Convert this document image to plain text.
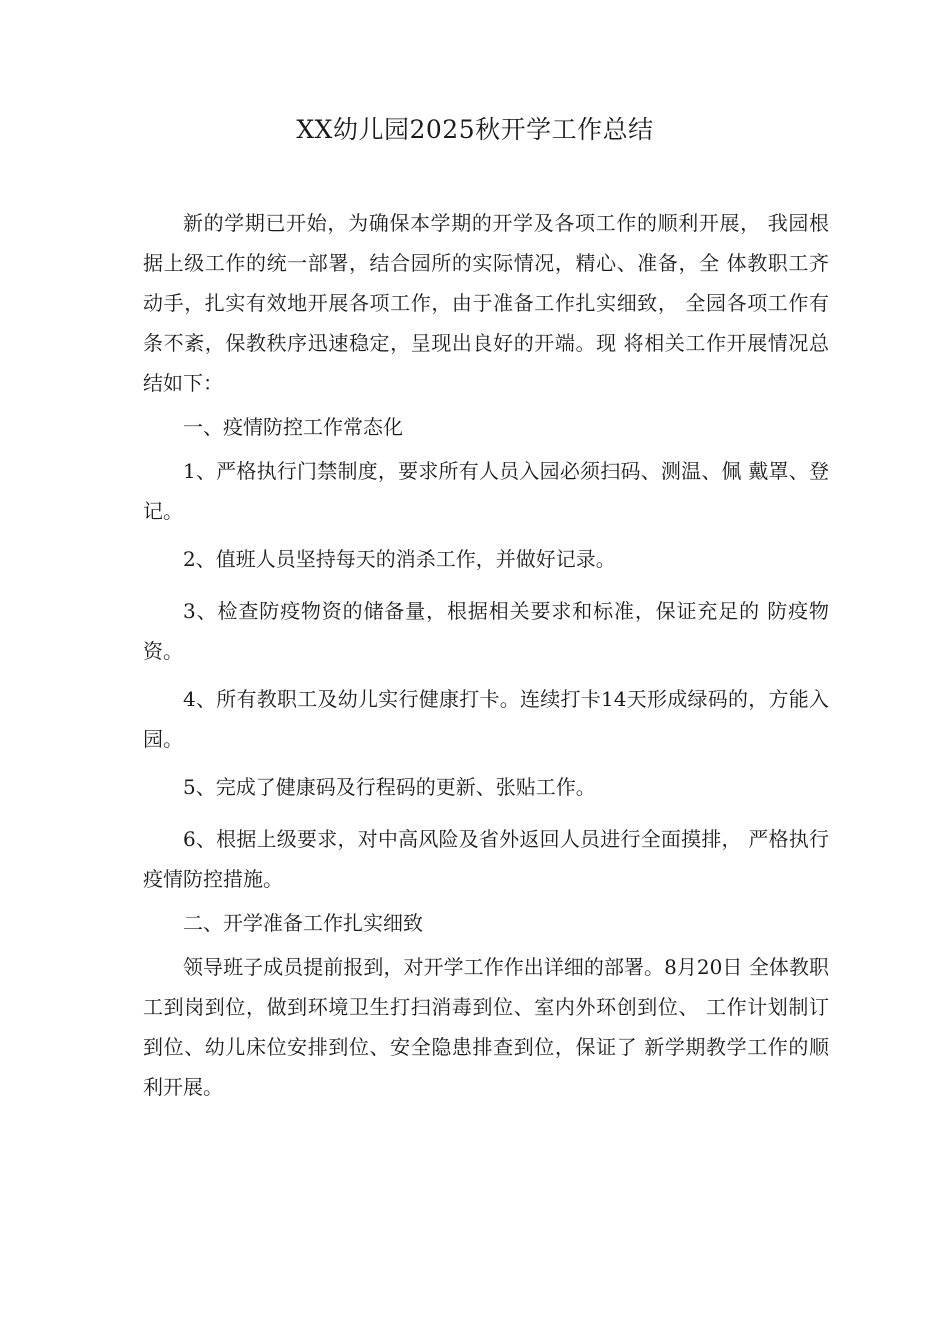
XX幼儿园2025秋开学工作总结

新的学期已开始，为确保本学期的开学及各项工作的顺利开展， 我园根据上级工作的统一部署，结合园所的实际情况，精心、准备，全 体教职工齐动手，扎实有效地开展各项工作，由于准备工作扎实细致， 全园各项工作有条不紊，保教秩序迅速稳定，呈现出良好的开端。现 将相关工作开展情况总结如下：

一、疫情防控工作常态化

1、严格执行门禁制度，要求所有人员入园必须扫码、测温、佩 戴罩、登记。

2、值班人员坚持每天的消杀工作，并做好记录。

3、检查防疫物资的储备量，根据相关要求和标准，保证充足的 防疫物资。

4、所有教职工及幼儿实行健康打卡。连续打卡14天形成绿码的，方能入园。

5、完成了健康码及行程码的更新、张贴工作。

6、根据上级要求，对中高风险及省外返回人员进行全面摸排， 严格执行疫情防控措施。

二、开学准备工作扎实细致

领导班子成员提前报到，对开学工作作出详细的部署。8月20日 全体教职工到岗到位，做到环境卫生打扫消毒到位、室内外环创到位、 工作计划制订到位、幼儿床位安排到位、安全隐患排查到位，保证了 新学期教学工作的顺利开展。
